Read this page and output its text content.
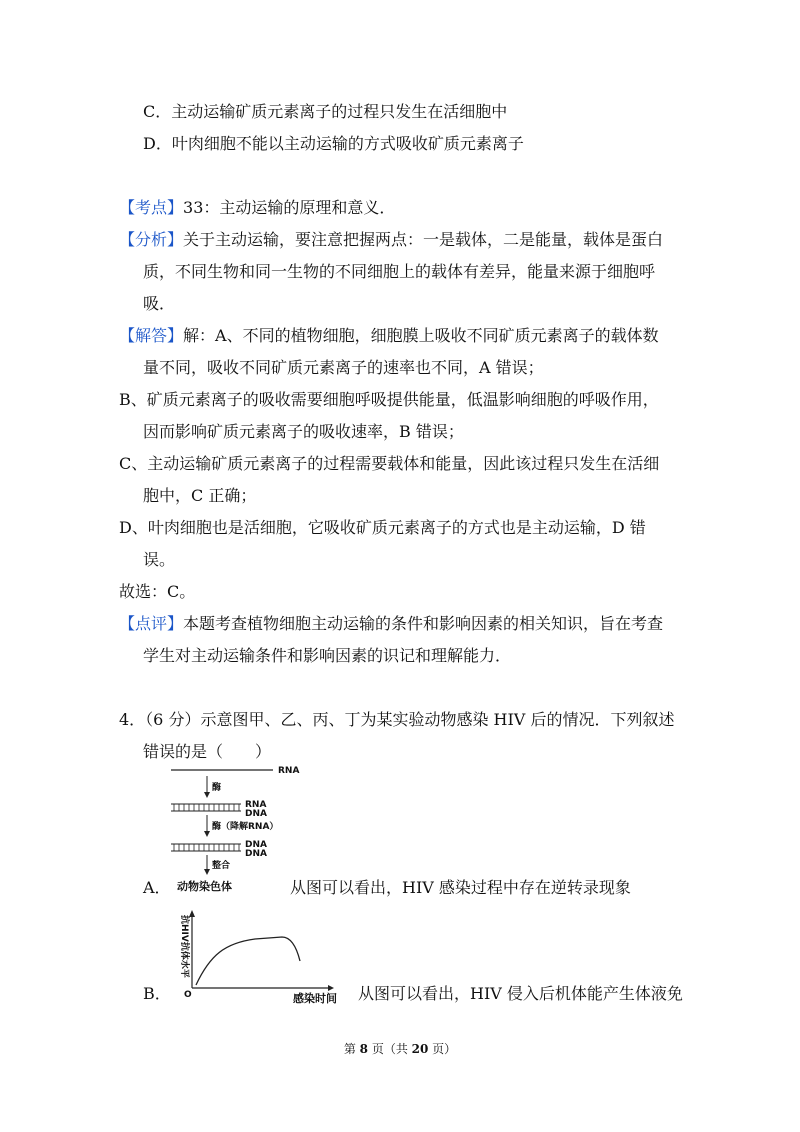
C．主动运输矿质元素离子的过程只发生在活细胞中
D．叶肉细胞不能以主动运输的方式吸收矿质元素离子
【考点】33：主动运输的原理和意义．
【分析】关于主动运输，要注意把握两点：一是载体，二是能量，载体是蛋白
质，不同生物和同一生物的不同细胞上的载体有差异，能量来源于细胞呼
吸．
【解答】解：A、不同的植物细胞，细胞膜上吸收不同矿质元素离子的载体数
量不同，吸收不同矿质元素离子的速率也不同，A 错误；
B、矿质元素离子的吸收需要细胞呼吸提供能量，低温影响细胞的呼吸作用，
因而影响矿质元素离子的吸收速率，B 错误；
C、主动运输矿质元素离子的过程需要载体和能量，因此该过程只发生在活细
胞中，C 正确；
D、叶肉细胞也是活细胞，它吸收矿质元素离子的方式也是主动运输，D 错
误。
故选：C。
【点评】本题考查植物细胞主动运输的条件和影响因素的相关知识，旨在考查
学生对主动运输条件和影响因素的识记和理解能力．
4．（6 分）示意图甲、乙、丙、丁为某实验动物感染 HIV 后的情况．下列叙述
错误的是（　　）
RNA
酶
RNA
DNA
酶（降解RNA）
DNA
DNA
整合
动物染色体
A．	从图可以看出，HIV 感染过程中存在逆转录现象
O
抗HIV抗体水平
B．	感染时间 从图可以看出，HIV 侵入后机体能产生体液免
第 8 页（共 20 页）
